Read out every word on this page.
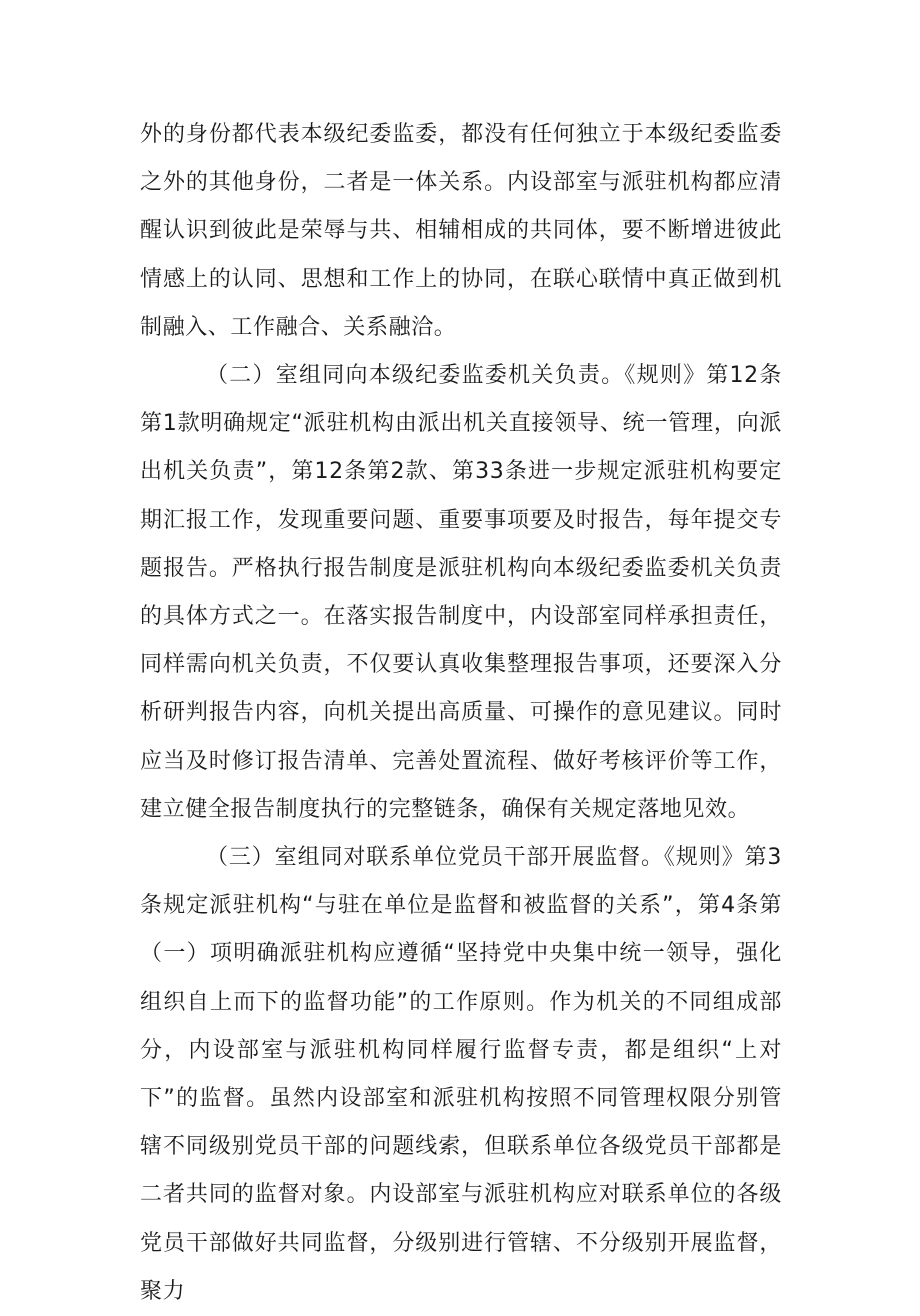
外的身份都代表本级纪委监委，都没有任何独立于本级纪委监委之外的其他身份，二者是一体关系。内设部室与派驻机构都应清醒认识到彼此是荣辱与共、相辅相成的共同体，要不断增进彼此情感上的认同、思想和工作上的协同，在联心联情中真正做到机制融入、工作融合、关系融洽。

（二）室组同向本级纪委监委机关负责。《规则》第12条第1款明确规定“派驻机构由派出机关直接领导、统一管理，向派出机关负责”，第12条第2款、第33条进一步规定派驻机构要定期汇报工作，发现重要问题、重要事项要及时报告，每年提交专题报告。严格执行报告制度是派驻机构向本级纪委监委机关负责的具体方式之一。在落实报告制度中，内设部室同样承担责任，同样需向机关负责，不仅要认真收集整理报告事项，还要深入分析研判报告内容，向机关提出高质量、可操作的意见建议。同时应当及时修订报告清单、完善处置流程、做好考核评价等工作，建立健全报告制度执行的完整链条，确保有关规定落地见效。

（三）室组同对联系单位党员干部开展监督。《规则》第3条规定派驻机构“与驻在单位是监督和被监督的关系”，第4条第（一）项明确派驻机构应遵循“坚持党中央集中统一领导，强化组织自上而下的监督功能”的工作原则。作为机关的不同组成部分，内设部室与派驻机构同样履行监督专责，都是组织“上对下”的监督。虽然内设部室和派驻机构按照不同管理权限分别管辖不同级别党员干部的问题线索，但联系单位各级党员干部都是二者共同的监督对象。内设部室与派驻机构应对联系单位的各级党员干部做好共同监督，分级别进行管辖、不分级别开展监督，聚力
